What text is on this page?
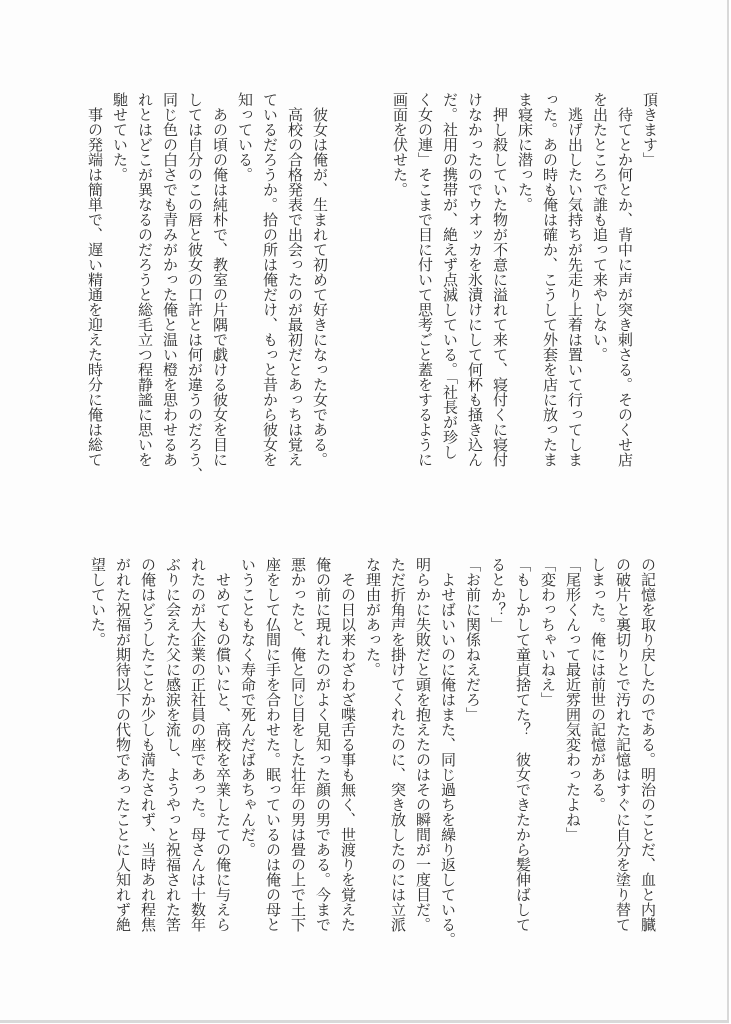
頂きます」

　待てとか何とか、背中に声が突き刺さる。そのくせ店

を出たところで誰も追って来やしない。

　逃げ出したい気持ちが先走り上着は置いて行ってしま

った。あの時も俺は確か、こうして外套を店に放ったま

ま寝床に潜った。

　押し殺していた物が不意に溢れて来て、寝付くに寝付

けなかったのでウオッカを氷漬けにして何杯も掻き込ん

だ。社用の携帯が、絶えず点滅している。「社長が珍し

く女の連」そこまで目に付いて思考ごと蓋をするように

画面を伏せた。

　彼女は俺が、生まれて初めて好きになった女である。

　高校の合格発表で出会ったのが最初だとあっちは覚え

ているだろうか。拾の所は俺だけ、もっと昔から彼女を

知っている。

　あの頃の俺は純朴で、教室の片隅で戯ける彼女を目に

しては自分のこの唇と彼女の口許とは何が違うのだろう、

同じ色の白さでも青みがかった俺と温い橙を思わせるあ

れとはどこが異なるのだろうと総毛立つ程静謐に思いを

馳せていた。

　事の発端は簡単で、遅い精通を迎えた時分に俺は総て

の記憶を取り戻したのである。明治のことだ、血と内臓

の破片と裏切りとで汚れた記憶はすぐに自分を塗り替て

しまった。俺には前世の記憶がある。

「尾形くんって最近雰囲気変わったよね」

「変わっちゃいねえ」

「もしかして童貞捨てた？　彼女できたから髪伸ばして

るとか？」

「お前に関係ねえだろ」

　よせばいいのに俺はまた、同じ過ちを繰り返している。

明らかに失敗だと頭を抱えたのはその瞬間が一度目だ。

ただ折角声を掛けてくれたのに、突き放したのには立派

な理由があった。

　その日以来わざわざ喋舌る事も無く、世渡りを覚えた

俺の前に現れたのがよく見知った顔の男である。今まで

悪かったと、俺と同じ目をした壮年の男は畳の上で土下

座をして仏間に手を合わせた。眠っているのは俺の母と

いうこともなく寿命で死んだばあちゃんだ。

　せめてもの償いにと、高校を卒業したての俺に与えら

れたのが大企業の正社員の座であった。母さんは十数年

ぶりに会えた父に感涙を流し、ようやっと祝福された筈

の俺はどうしたことか少しも満たされず、当時あれ程焦

がれた祝福が期待以下の代物であったことに人知れず絶

望していた。
